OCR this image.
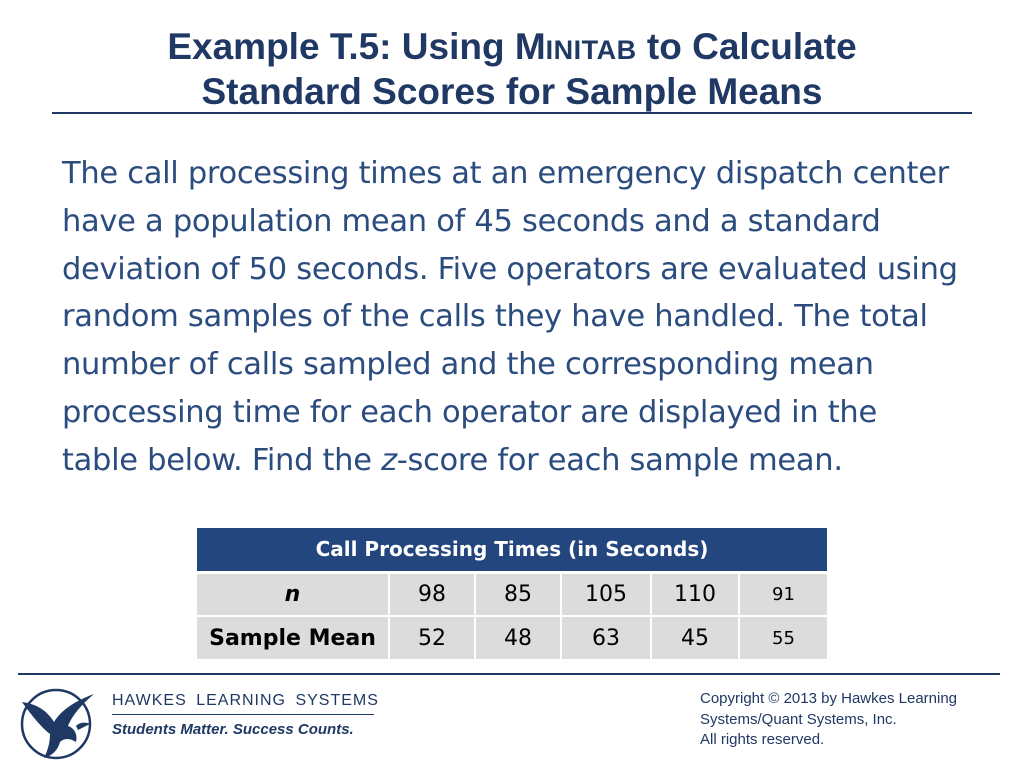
Example T.5: Using MINITAB to Calculate
Standard Scores for Sample Means

The call processing times at an emergency dispatch center have a population mean of 45 seconds and a standard deviation of 50 seconds. Five operators are evaluated using random samples of the calls they have handled. The total number of calls sampled and the corresponding mean processing time for each operator are displayed in the table below. Find the z-score for each sample mean.

Call Processing Times (in Seconds)					
n	98	85	105	110	91
Sample Mean	52	48	63	45	55
HAWKES LEARNING SYSTEMS
Students Matter. Success Counts.
Copyright © 2013 by Hawkes Learning
Systems/Quant Systems, Inc.
All rights reserved.
